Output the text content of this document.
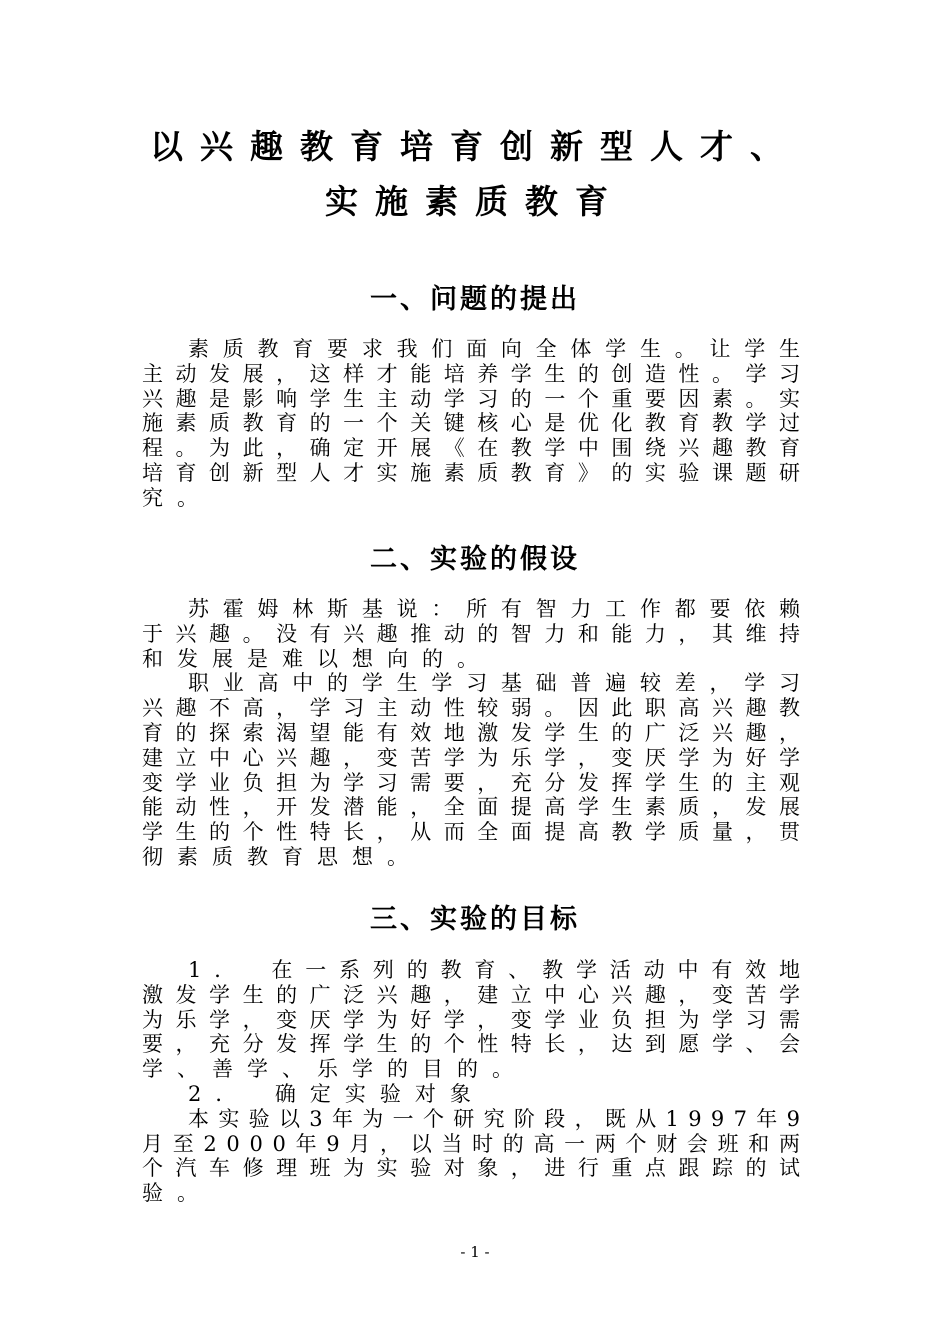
以兴趣教育培育创新型人才、
实施素质教育
一、问题的提出
素质教育要求我们面向全体学生。让学生
主动发展，这样才能培养学生的创造性。学习
兴趣是影响学生主动学习的一个重要因素。实
施素质教育的一个关键核心是优化教育教学过
程。为此，确定开展《在教学中围绕兴趣教育
培育创新型人才实施素质教育》的实验课题研
究。
二、实验的假设
苏霍姆林斯基说：所有智力工作都要依赖
于兴趣。没有兴趣推动的智力和能力，其维持
和发展是难以想向的。
职业高中的学生学习基础普遍较差，学习
兴趣不高，学习主动性较弱。因此职高兴趣教
育的探索渴望能有效地激发学生的广泛兴趣，
建立中心兴趣，变苦学为乐学，变厌学为好学
变学业负担为学习需要，充分发挥学生的主观
能动性，开发潜能，全面提高学生素质，发展
学生的个性特长，从而全面提高教学质量，贯
彻素质教育思想。
三、实验的目标
1．　在一系列的教育、教学活动中有效地
激发学生的广泛兴趣，建立中心兴趣，变苦学
为乐学，变厌学为好学，变学业负担为学习需
要，充分发挥学生的个性特长，达到愿学、会
学、善学、乐学的目的。
2．　确定实验对象
本实验以3年为一个研究阶段，既从1997年9
月至2000年9月，以当时的高一两个财会班和两
个汽车修理班为实验对象，进行重点跟踪的试
验。
- 1 -
